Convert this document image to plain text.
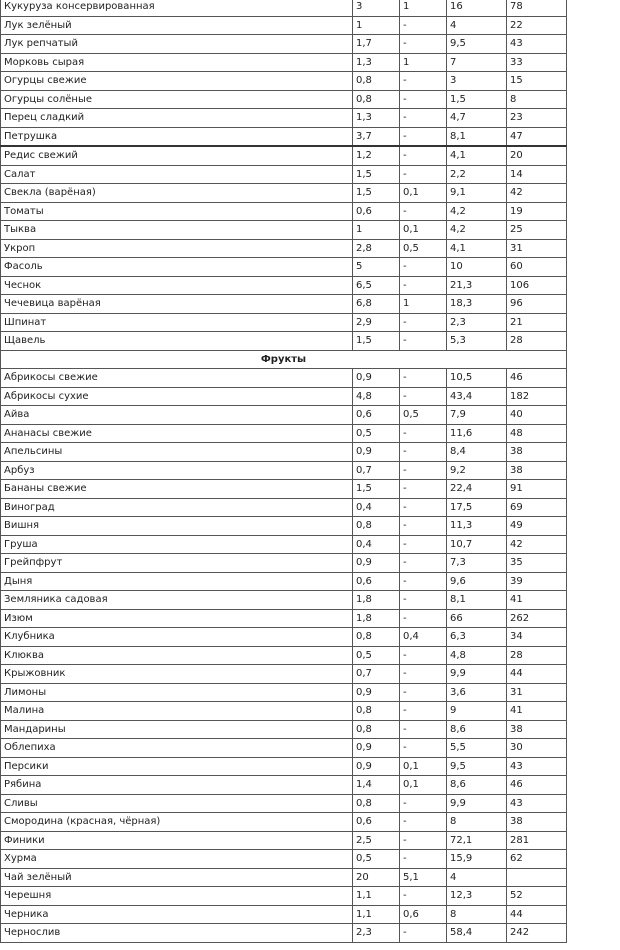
Кукуруза консервированная	3	1	16	78
Лук зелёный	1	-	4	22
Лук репчатый	1,7	-	9,5	43
Морковь сырая	1,3	1	7	33
Огурцы свежие	0,8	-	3	15
Огурцы солёные	0,8	-	1,5	8
Перец сладкий	1,3	-	4,7	23
Петрушка	3,7	-	8,1	47
Редис свежий	1,2	-	4,1	20
Салат	1,5	-	2,2	14
Свекла (варёная)	1,5	0,1	9,1	42
Томаты	0,6	-	4,2	19
Тыква	1	0,1	4,2	25
Укроп	2,8	0,5	4,1	31
Фасоль	5	-	10	60
Чеснок	6,5	-	21,3	106
Чечевица варёная	6,8	1	18,3	96
Шпинат	2,9	-	2,3	21
Щавель	1,5	-	5,3	28
Фрукты				
Абрикосы свежие	0,9	-	10,5	46
Абрикосы сухие	4,8	-	43,4	182
Айва	0,6	0,5	7,9	40
Ананасы свежие	0,5	-	11,6	48
Апельсины	0,9	-	8,4	38
Арбуз	0,7	-	9,2	38
Бананы свежие	1,5	-	22,4	91
Виноград	0,4	-	17,5	69
Вишня	0,8	-	11,3	49
Груша	0,4	-	10,7	42
Грейпфрут	0,9	-	7,3	35
Дыня	0,6	-	9,6	39
Земляника садовая	1,8	-	8,1	41
Изюм	1,8	-	66	262
Клубника	0,8	0,4	6,3	34
Клюква	0,5	-	4,8	28
Крыжовник	0,7	-	9,9	44
Лимоны	0,9	-	3,6	31
Малина	0,8	-	9	41
Мандарины	0,8	-	8,6	38
Облепиха	0,9	-	5,5	30
Персики	0,9	0,1	9,5	43
Рябина	1,4	0,1	8,6	46
Сливы	0,8	-	9,9	43
Смородина (красная, чёрная)	0,6	-	8	38
Финики	2,5	-	72,1	281
Хурма	0,5	-	15,9	62
Чай зелёный	20	5,1	4	
Черешня	1,1	-	12,3	52
Черника	1,1	0,6	8	44
Чернослив	2,3	-	58,4	242
